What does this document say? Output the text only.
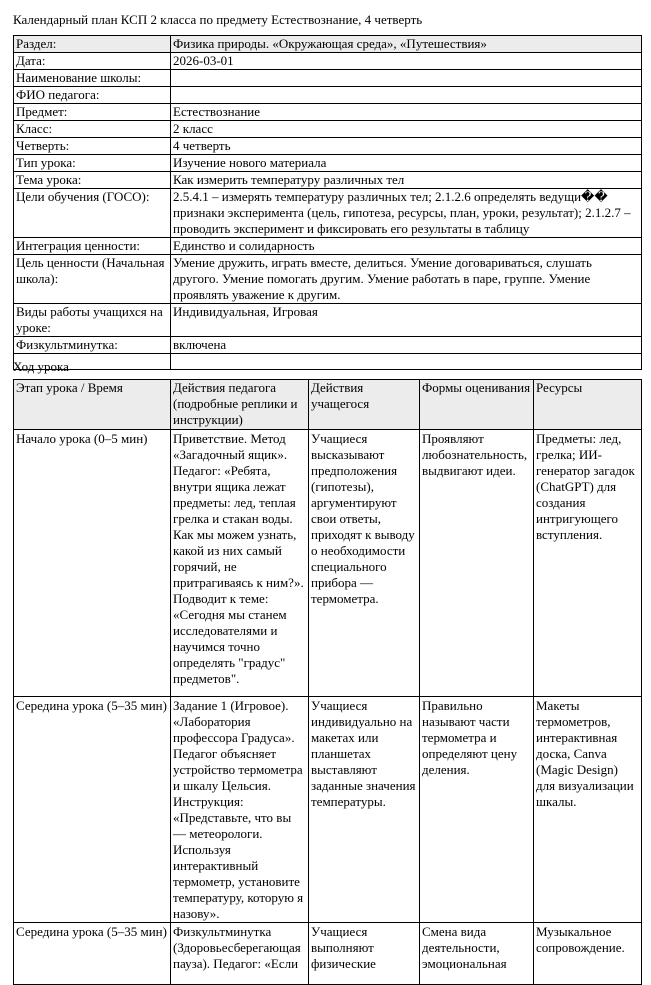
Календарный план КСП 2 класса по предмету Естествознание, 4 четверть
Раздел:	Физика природы. «Окружающая среда», «Путешествия»
Дата:	2026-03-01
Наименование школы:	
ФИО педагога:	
Предмет:	Естествознание
Класс:	2 класс
Четверть:	4 четверть
Тип урока:	Изучение нового материала
Тема урока:	Как измерить температуру различных тел
Цели обучения (ГОСО):	2.5.4.1 – измерять температуру различных тел; 2.1.2.6 определять ведущи�� признаки эксперимента (цель, гипотеза, ресурсы, план, уроки, результат); 2.1.2.7 – проводить эксперимент и фиксировать его результаты в таблицу
Интеграция ценности:	Единство и солидарность
Цель ценности (Начальная школа):	Умение дружить, играть вместе, делиться. Умение договариваться, слушать другого. Умение помогать другим. Умение работать в паре, группе. Умение проявлять уважение к другим.
Виды работы учащихся на уроке:	Индивидуальная, Игровая
Физкультминутка:	включена

Ход урока
Этап урока / Время	Действия педагога (подробные реплики и инструкции)	Действия учащегося	Формы оценивания	Ресурсы
Начало урока (0–5 мин)	Приветствие. Метод «Загадочный ящик». Педагог: «Ребята, внутри ящика лежат предметы: лед, теплая грелка и стакан воды. Как мы можем узнать, какой из них самый горячий, не притрагиваясь к ним?». Подводит к теме: «Сегодня мы станем исследователями и научимся точно определять "градус" предметов".	Учащиеся высказывают предположения (гипотезы), аргументируют свои ответы, приходят к выводу о необходимости специального прибора — термометра.	Проявляют любознательность, выдвигают идеи.	Предметы: лед, грелка; ИИ-генератор загадок (ChatGPT) для создания интригующего вступления.
Середина урока (5–35 мин)	Задание 1 (Игровое). «Лаборатория профессора Градуса». Педагог объясняет устройство термометра и шкалу Цельсия. Инструкция: «Представьте, что вы — метеорологи. Используя интерактивный термометр, установите температуру, которую я назову».	Учащиеся индивидуально на макетах или планшетах выставляют заданные значения температуры.	Правильно называют части термометра и определяют цену деления.	Макеты термометров, интерактивная доска, Canva (Magic Design) для визуализации шкалы.
Середина урока (5–35 мин)	Физкультминутка (Здоровьесберегающая пауза). Педагог: «Если	Учащиеся выполняют физические	Смена вида деятельности, эмоциональная	Музыкальное сопровождение.
